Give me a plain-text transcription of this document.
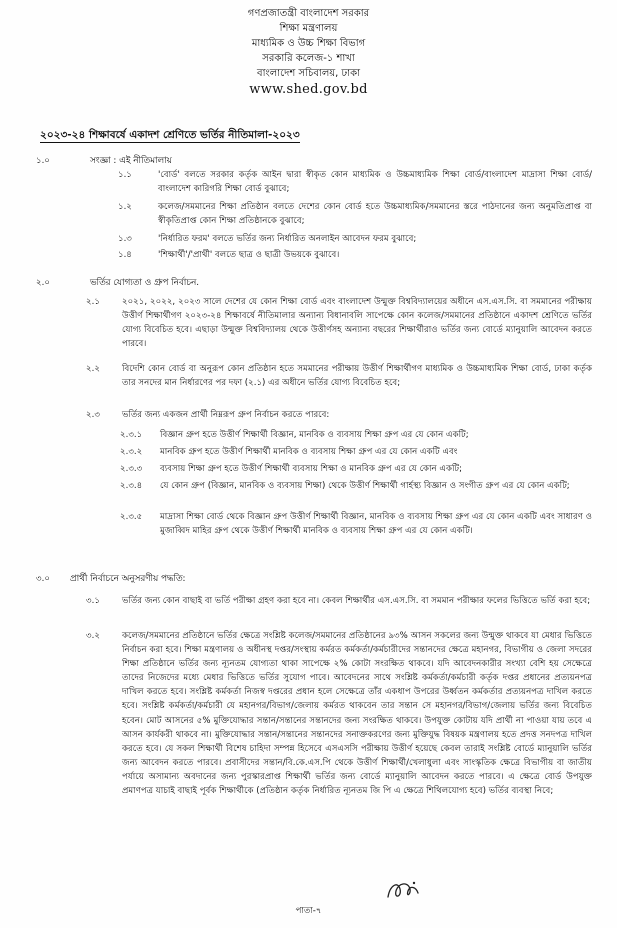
গণপ্রজাতন্ত্রী বাংলাদেশ সরকার
শিক্ষা মন্ত্রণালয়
মাধ্যমিক ও উচ্চ শিক্ষা বিভাগ
সরকারি কলেজ-১ শাখা
বাংলাদেশ সচিবালয়, ঢাকা
www.shed.gov.bd
২০২৩-২৪ শিক্ষাবর্ষে একাদশ শ্রেণিতে ভর্তির নীতিমালা-২০২৩
১.০	সংজ্ঞা : এই নীতিমালায়
১.১	'বোর্ড' বলতে সরকার কর্তৃক আইন দ্বারা স্বীকৃত কোন মাধ্যমিক ও উচ্চমাধ্যমিক শিক্ষা বোর্ড/বাংলাদেশ মাদ্রাসা শিক্ষা বোর্ড/ বাংলাদেশ কারিগরি শিক্ষা বোর্ড বুঝাবে;

১.২	কলেজ/সমমানের শিক্ষা প্রতিষ্ঠান বলতে দেশের কোন বোর্ড হতে উচ্চমাধ্যমিক/সমমানের স্তরে পাঠদানের জন্য অনুমতিপ্রাপ্ত বা স্বীকৃতিপ্রাপ্ত কোন শিক্ষা প্রতিষ্ঠানকে বুঝাবে;

১.৩	'নির্ধারিত ফরম' বলতে ভর্তির জন্য নির্ধারিত অনলাইন আবেদন ফরম বুঝাবে;

১.৪	'শিক্ষার্থী'/'প্রার্থী' বলতে ছাত্র ও ছাত্রী উভয়কে বুঝাবে।

২.০	ভর্তির যোগ্যতা ও গ্রুপ নির্বাচন.
২.১	২০২১, ২০২২, ২০২৩ সালে দেশের যে কোন শিক্ষা বোর্ড এবং বাংলাদেশ উন্মুক্ত বিশ্ববিদ্যালয়ের অধীনে এস.এস.সি. বা সমমানের পরীক্ষায় উত্তীর্ণ শিক্ষার্থীগণ ২০২৩-২৪ শিক্ষাবর্ষে নীতিমালার অন্যান্য বিধানাবলি সাপেক্ষে কোন কলেজ/সমমানের প্রতিষ্ঠানে একাদশ শ্রেণিতে ভর্তির যোগ্য বিবেচিত হবে। এছাড়া উন্মুক্ত বিশ্ববিদ্যালয় থেকে উত্তীর্ণসহ অন্যান্য বছরের শিক্ষার্থীরাও ভর্তির জন্য বোর্ডে ম্যানুয়ালি আবেদন করতে পারবে।

২.২	বিদেশি কোন বোর্ড বা অনুরূপ কোন প্রতিষ্ঠান হতে সমমানের পরীক্ষায় উত্তীর্ণ শিক্ষার্থীগণ মাধ্যমিক ও উচ্চমাধ্যমিক শিক্ষা বোর্ড, ঢাকা কর্তৃক তার সনদের মান নির্ধারণের পর দফা (২.১) এর অধীনে ভর্তির যোগ্য বিবেচিত হবে;

২.৩	ভর্তির জন্য একজন প্রার্থী নিম্নরূপ গ্রুপ নির্বাচন করতে পারবে:

২.৩.১ বিজ্ঞান গ্রুপ হতে উত্তীর্ণ শিক্ষার্থী বিজ্ঞান, মানবিক ও ব্যবসায় শিক্ষা গ্রুপ এর যে কোন একটি;

২.৩.২ মানবিক গ্রুপ হতে উত্তীর্ণ শিক্ষার্থী মানবিক ও ব্যবসায় শিক্ষা গ্রুপ এর যে কোন একটি এবং

২.৩.৩ ব্যবসায় শিক্ষা গ্রুপ হতে উত্তীর্ণ শিক্ষার্থী ব্যবসায় শিক্ষা ও মানবিক গ্রুপ এর যে কোন একটি;

২.৩.৪ যে কোন গ্রুপ (বিজ্ঞান, মানবিক ও ব্যবসায় শিক্ষা) থেকে উত্তীর্ণ শিক্ষার্থী গার্হস্থ্য বিজ্ঞান ও সংগীত গ্রুপ এর যে কোন একটি;

২.৩.৫ মাদ্রাসা শিক্ষা বোর্ড থেকে বিজ্ঞান গ্রুপ উত্তীর্ণ শিক্ষার্থী বিজ্ঞান, মানবিক ও ব্যবসায় শিক্ষা গ্রুপ এর যে কোন একটি এবং সাধারণ ও মুজাব্বিদ মাহির গ্রুপ থেকে উত্তীর্ণ শিক্ষার্থী মানবিক ও ব্যবসায় শিক্ষা গ্রুপ এর যে কোন একটি।

৩.০ প্রার্থী নির্বাচনে অনুসরণীয় পদ্ধতি:
৩.১	ভর্তির জন্য কোন বাছাই বা ভর্তি পরীক্ষা গ্রহণ করা হবে না। কেবল শিক্ষার্থীর এস.এস.সি. বা সমমান পরীক্ষার ফলের ভিত্তিতে ভর্তি করা হবে;

৩.২	কলেজ/সমমানের প্রতিষ্ঠানে ভর্তির ক্ষেত্রে সংশ্লিষ্ট কলেজ/সমমানের প্রতিষ্ঠানের ৯৩% আসন সকলের জন্য উন্মুক্ত থাকবে যা মেধার ভিত্তিতে নির্বাচন করা হবে। শিক্ষা মন্ত্রণালয় ও অধীনস্থ দপ্তর/সংস্থায় কর্মরত কর্মকর্তা/কর্মচারীদের সন্তানদের ক্ষেত্রে মহানগর, বিভাগীয় ও জেলা সদরের শিক্ষা প্রতিষ্ঠানে ভর্তির জন্য ন্যূনতম যোগ্যতা থাকা সাপেক্ষে ২% কোটা সংরক্ষিত থাকবে। যদি আবেদনকারীর সংখ্যা বেশি হয় সেক্ষেত্রে তাদের নিজেদের মধ্যে মেধার ভিত্তিতে ভর্তির সুযোগ পাবে। আবেদনের সাথে সংশ্লিষ্ট কর্মকর্তা/কর্মচারী কর্তৃক দপ্তর প্রধানের প্রত্যয়নপত্র দাখিল করতে হবে। সংশ্লিষ্ট কর্মকর্তা নিজস্ব দপ্তরের প্রধান হলে সেক্ষেত্রে তাঁর একধাপ উপরের উর্ধ্বতন কর্মকর্তার প্রত্যয়নপত্র দাখিল করতে হবে। সংশ্লিষ্ট কর্মকর্তা/কর্মচারী যে মহানগর/বিভাগ/জেলায় কর্মরত থাকবেন তার সন্তান সে মহানগর/বিভাগ/জেলায় ভর্তির জন্য বিবেচিত হবেন। মোট আসনের ৫% মুক্তিযোদ্ধার সন্তান/সন্তানের সন্তানদের জন্য সংরক্ষিত থাকবে। উপযুক্ত কোটায় যদি প্রার্থী না পাওয়া যায় তবে এ আসন কার্যকরী থাকবে না। মুক্তিযোদ্ধার সন্তান/সন্তানের সন্তানদের সনাক্তকরণের জন্য মুক্তিযুদ্ধ বিষয়ক মন্ত্রণালয় হতে প্রদত্ত সনদপত্র দাখিল করতে হবে। যে সকল শিক্ষার্থী বিশেষ চাহিদা সম্পন্ন হিসেবে এসএসসি পরীক্ষায় উত্তীর্ণ হয়েছে কেবল তারাই সংশ্লিষ্ট বোর্ডে ম্যানুয়ালি ভর্তির জন্য আবেদন করতে পারবে। প্রবাসীদের সন্তান/বি.কে.এস.পি থেকে উত্তীর্ণ শিক্ষার্থী/খেলাধুলা এবং সাংস্কৃতিক ক্ষেত্রে বিভাগীয় বা জাতীয় পর্যায়ে অসামান্য অবদানের জন্য পুরস্কারপ্রাপ্ত শিক্ষার্থী ভর্তির জন্য বোর্ডে ম্যানুয়ালি আবেদন করতে পারবে। এ ক্ষেত্রে বোর্ড উপযুক্ত প্রমাণপত্র যাচাই বাছাই পূর্বক শিক্ষার্থীকে (প্রতিষ্ঠান কর্তৃক নির্ধারিত ন্যূনতম জি পি এ ক্ষেত্রে শিথিলযোগ্য হবে) ভর্তির ব্যবস্থা নিবে;

পাতা-৭
